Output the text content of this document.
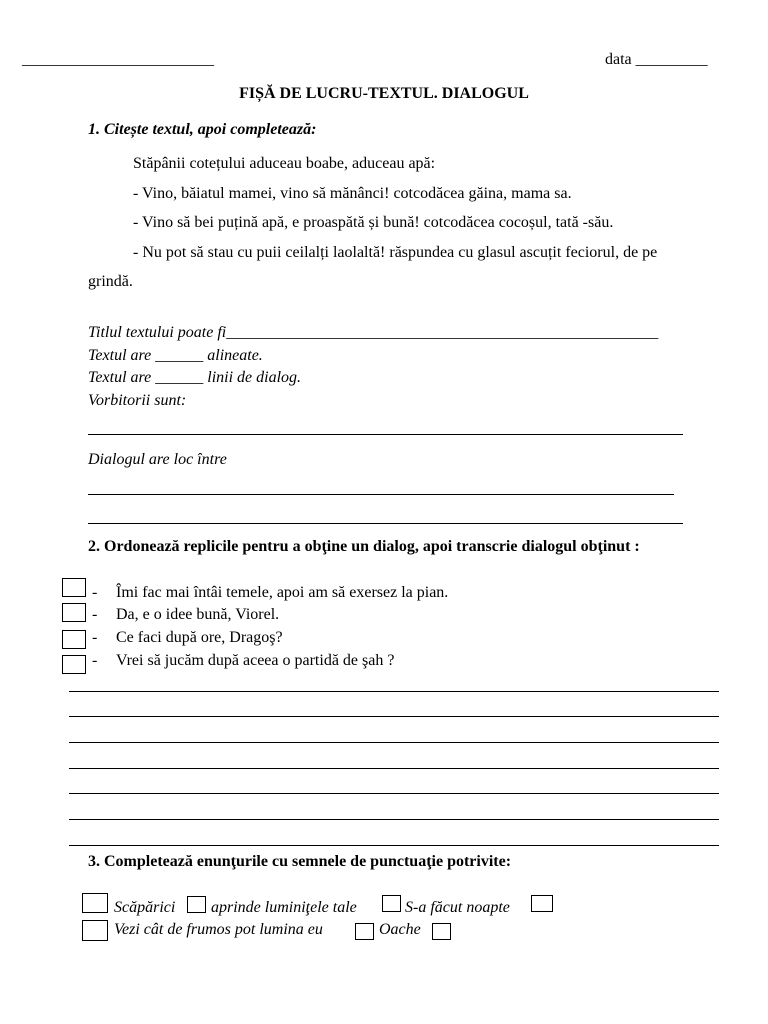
________________________	data _________
FIȘĂ DE LUCRU-TEXTUL. DIALOGUL
1. Citește textul, apoi completează:
Stăpânii cotețului aduceau boabe, aduceau apă:
- Vino, băiatul mamei, vino să mănânci! cotcodăcea găina, mama sa.
- Vino să bei puțină apă, e proaspătă și bună! cotcodăcea cocoșul, tată -său.
- Nu pot să stau cu puii ceilalți laolaltă! răspundea cu glasul ascuțit feciorul, de pe
grindă.
Titlul textului poate fi______________________________________________________
Textul are ______ alineate.
Textul are ______ linii de dialog.
Vorbitorii sunt:
Dialogul are loc între
2. Ordonează replicile pentru a obţine un dialog, apoi transcrie dialogul obţinut :
- Îmi fac mai întâi temele, apoi am să exersez la pian.
- Da, e o idee bună, Viorel.
- Ce faci după ore, Dragoş?
- Vrei să jucăm după aceea o partidă de şah ?
3. Completează enunţurile cu semnele de punctuaţie potrivite:
Scăpărici aprinde luminiţele tale	S-a făcut noapte
Vezi cât de frumos pot lumina eu	Oache
